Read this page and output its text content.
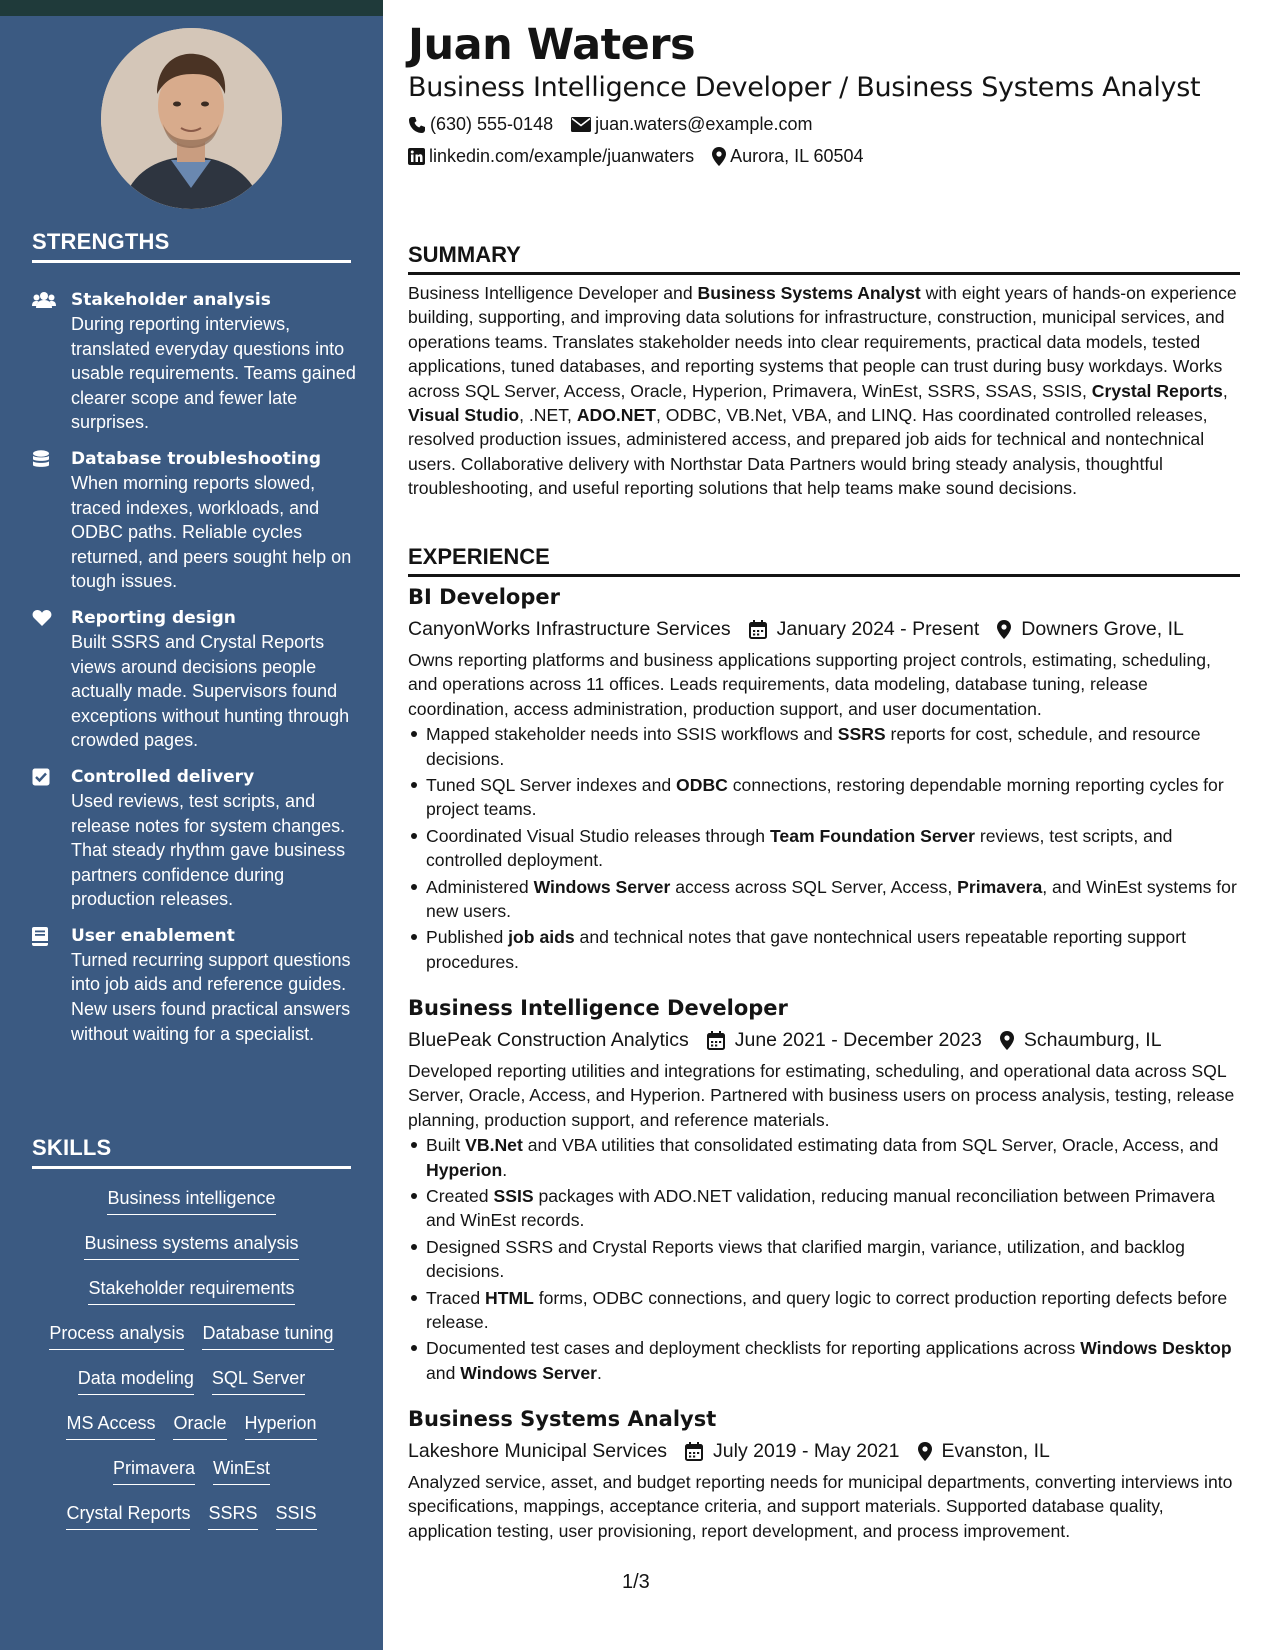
STRENGTHS
Stakeholder analysis
During reporting interviews, translated everyday questions into usable requirements. Teams gained clearer scope and fewer late surprises.
Database troubleshooting
When morning reports slowed, traced indexes, workloads, and ODBC paths. Reliable cycles returned, and peers sought help on tough issues.
Reporting design
Built SSRS and Crystal Reports views around decisions people actually made. Supervisors found exceptions without hunting through crowded pages.
Controlled delivery
Used reviews, test scripts, and release notes for system changes. That steady rhythm gave business partners confidence during production releases.
User enablement
Turned recurring support questions into job aids and reference guides. New users found practical answers without waiting for a specialist.
SKILLS
Business intelligence
Business systems analysis
Stakeholder requirements
Process analysis Database tuning
Data modeling SQL Server
MS Access Oracle Hyperion
Primavera WinEst
Crystal Reports SSRS SSIS
Juan Waters
Business Intelligence Developer / Business Systems Analyst
(630) 555-0148 juan.waters@example.com
linkedin.com/example/juanwaters Aurora, IL 60504
SUMMARY
Business Intelligence Developer and Business Systems Analyst with eight years of hands-on experience building, supporting, and improving data solutions for infrastructure, construction, municipal services, and operations teams. Translates stakeholder needs into clear requirements, practical data models, tested applications, tuned databases, and reporting systems that people can trust during busy workdays. Works across SQL Server, Access, Oracle, Hyperion, Primavera, WinEst, SSRS, SSAS, SSIS, Crystal Reports, Visual Studio, .NET, ADO.NET, ODBC, VB.Net, VBA, and LINQ. Has coordinated controlled releases, resolved production issues, administered access, and prepared job aids for technical and nontechnical users. Collaborative delivery with Northstar Data Partners would bring steady analysis, thoughtful troubleshooting, and useful reporting solutions that help teams make sound decisions.
EXPERIENCE
BI Developer
CanyonWorks Infrastructure Services January 2024 - Present Downers Grove, IL
Owns reporting platforms and business applications supporting project controls, estimating, scheduling, and operations across 11 offices. Leads requirements, data modeling, database tuning, release coordination, access administration, production support, and user documentation.
Mapped stakeholder needs into SSIS workflows and SSRS reports for cost, schedule, and resource decisions.
Tuned SQL Server indexes and ODBC connections, restoring dependable morning reporting cycles for project teams.
Coordinated Visual Studio releases through Team Foundation Server reviews, test scripts, and controlled deployment.
Administered Windows Server access across SQL Server, Access, Primavera, and WinEst systems for new users.
Published job aids and technical notes that gave nontechnical users repeatable reporting support procedures.
Business Intelligence Developer
BluePeak Construction Analytics June 2021 - December 2023 Schaumburg, IL
Developed reporting utilities and integrations for estimating, scheduling, and operational data across SQL Server, Oracle, Access, and Hyperion. Partnered with business users on process analysis, testing, release planning, production support, and reference materials.
Built VB.Net and VBA utilities that consolidated estimating data from SQL Server, Oracle, Access, and Hyperion.
Created SSIS packages with ADO.NET validation, reducing manual reconciliation between Primavera and WinEst records.
Designed SSRS and Crystal Reports views that clarified margin, variance, utilization, and backlog decisions.
Traced HTML forms, ODBC connections, and query logic to correct production reporting defects before release.
Documented test cases and deployment checklists for reporting applications across Windows Desktop and Windows Server.
Business Systems Analyst
Lakeshore Municipal Services July 2019 - May 2021 Evanston, IL
Analyzed service, asset, and budget reporting needs for municipal departments, converting interviews into specifications, mappings, acceptance criteria, and support materials. Supported database quality, application testing, user provisioning, report development, and process improvement.
1/3
